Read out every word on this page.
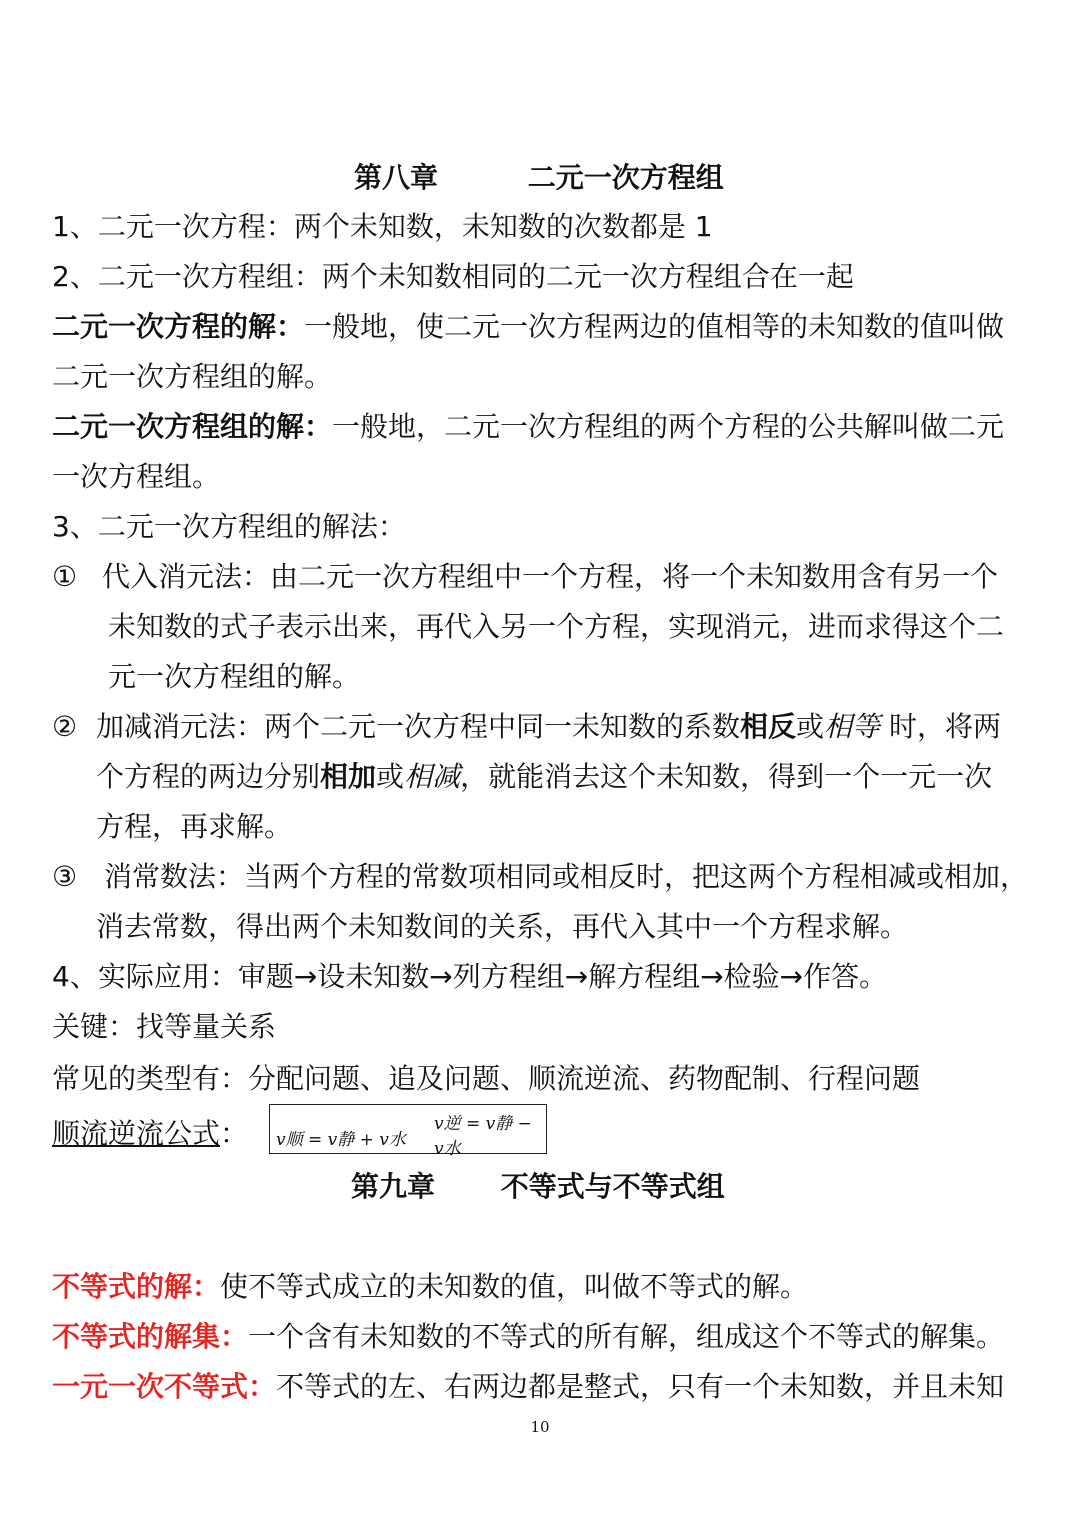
第八章	二元一次方程组
1、二元一次方程：两个未知数，未知数的次数都是 1
2、二元一次方程组：两个未知数相同的二元一次方程组合在一起
二元一次方程的解：一般地，使二元一次方程两边的值相等的未知数的值叫做
二元一次方程组的解。
二元一次方程组的解：一般地，二元一次方程组的两个方程的公共解叫做二元
一次方程组。
3、二元一次方程组的解法：
① 代入消元法：由二元一次方程组中一个方程，将一个未知数用含有另一个
未知数的式子表示出来，再代入另一个方程，实现消元，进而求得这个二
元一次方程组的解。
② 加减消元法：两个二元一次方程中同一未知数的系数相反或相等 时，将两
个方程的两边分别相加或相减，就能消去这个未知数，得到一个一元一次
方程，再求解。
③ 消常数法：当两个方程的常数项相同或相反时，把这两个方程相减或相加，
消去常数，得出两个未知数间的关系，再代入其中一个方程求解。
4、实际应用：审题→设未知数→列方程组→解方程组→检验→作答。
关键：找等量关系
常见的类型有：分配问题、追及问题、顺流逆流、药物配制、行程问题
顺流逆流公式： v顺 = v静 + v水
v逆 = v静 − v水
第九章 不等式与不等式组
不等式的解：使不等式成立的未知数的值，叫做不等式的解。
不等式的解集：一个含有未知数的不等式的所有解，组成这个不等式的解集。
一元一次不等式：不等式的左、右两边都是整式，只有一个未知数，并且未知
10
